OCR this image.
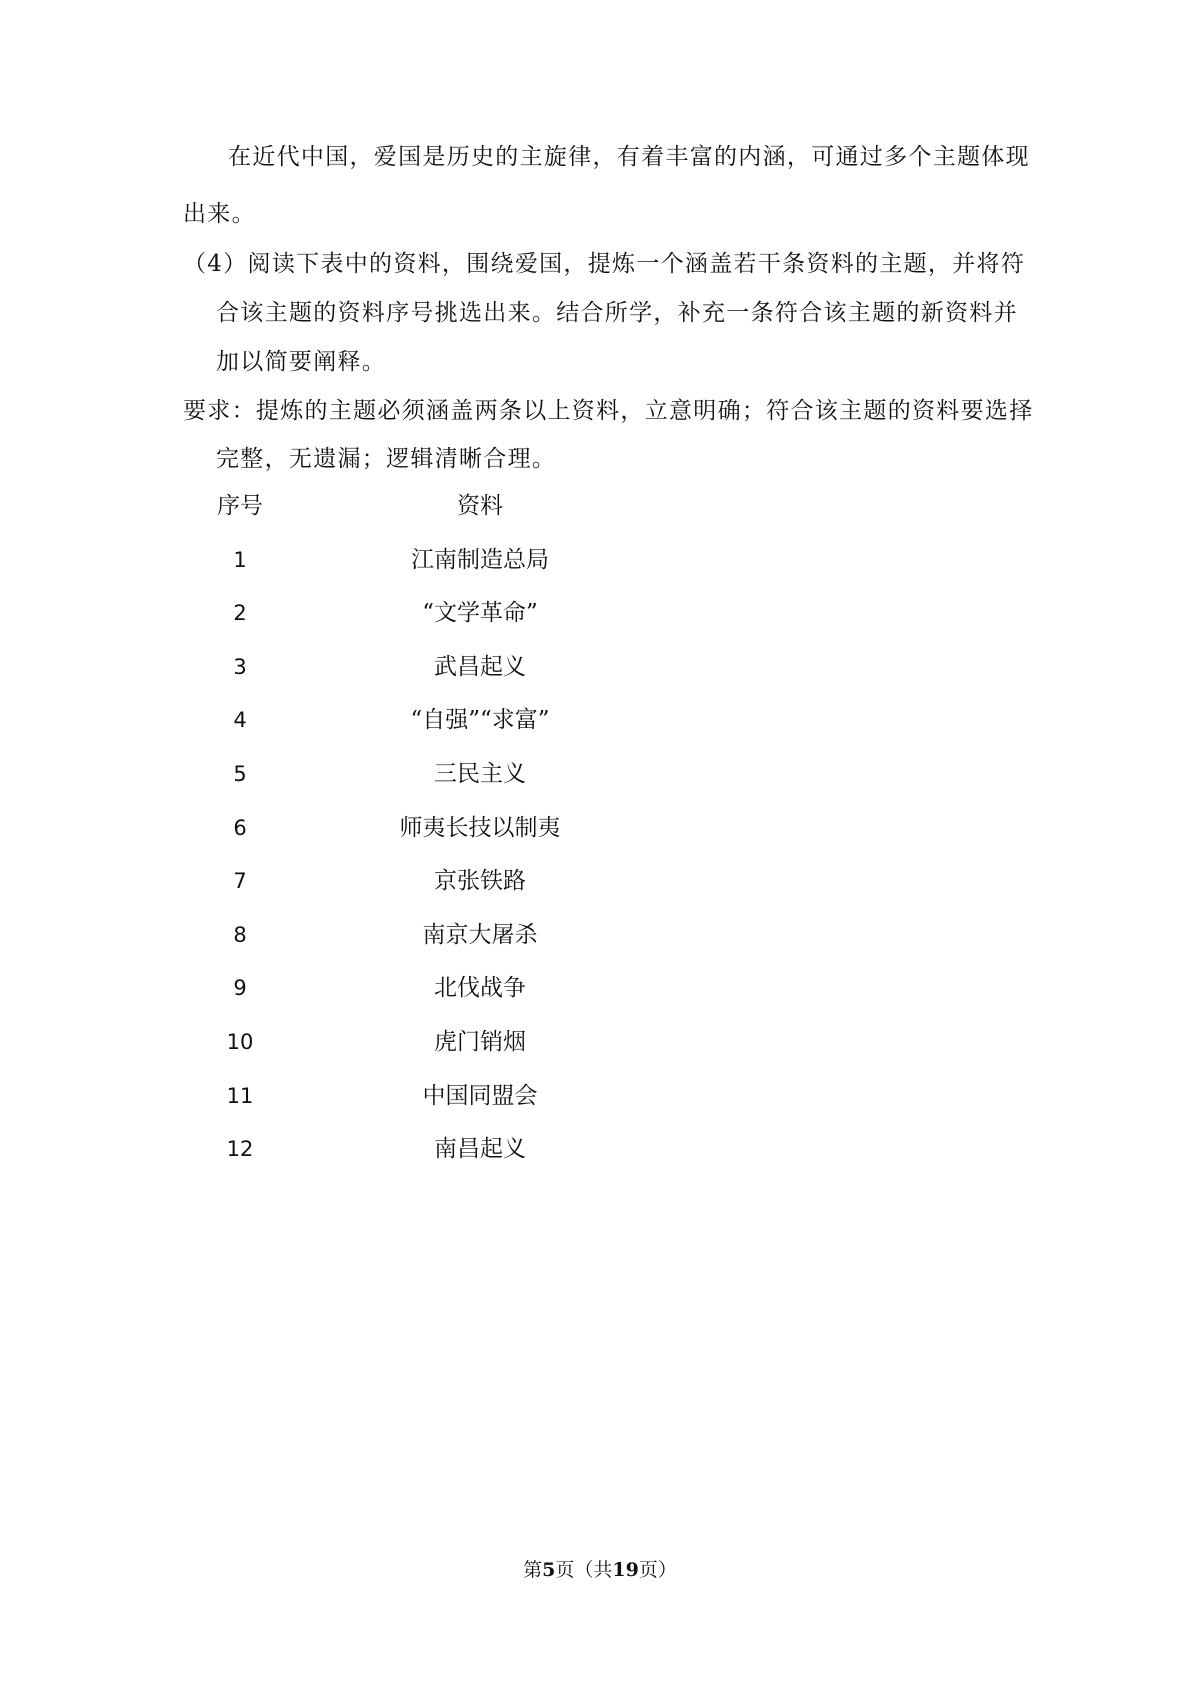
在近代中国，爱国是历史的主旋律，有着丰富的内涵，可通过多个主题体现
出来。
（4）阅读下表中的资料，围绕爱国，提炼一个涵盖若干条资料的主题，并将符
合该主题的资料序号挑选出来。结合所学，补充一条符合该主题的新资料并
加以简要阐释。
要求：提炼的主题必须涵盖两条以上资料，立意明确；符合该主题的资料要选择
完整，无遗漏；逻辑清晰合理。
序号	资料
1	江南制造总局
2	“文学革命”
3	武昌起义
4	“自强”“求富”
5	三民主义
6	师夷长技以制夷
7	京张铁路
8	南京大屠杀
9	北伐战争
10	虎门销烟
11	中国同盟会
12	南昌起义
第5页（共19页）
